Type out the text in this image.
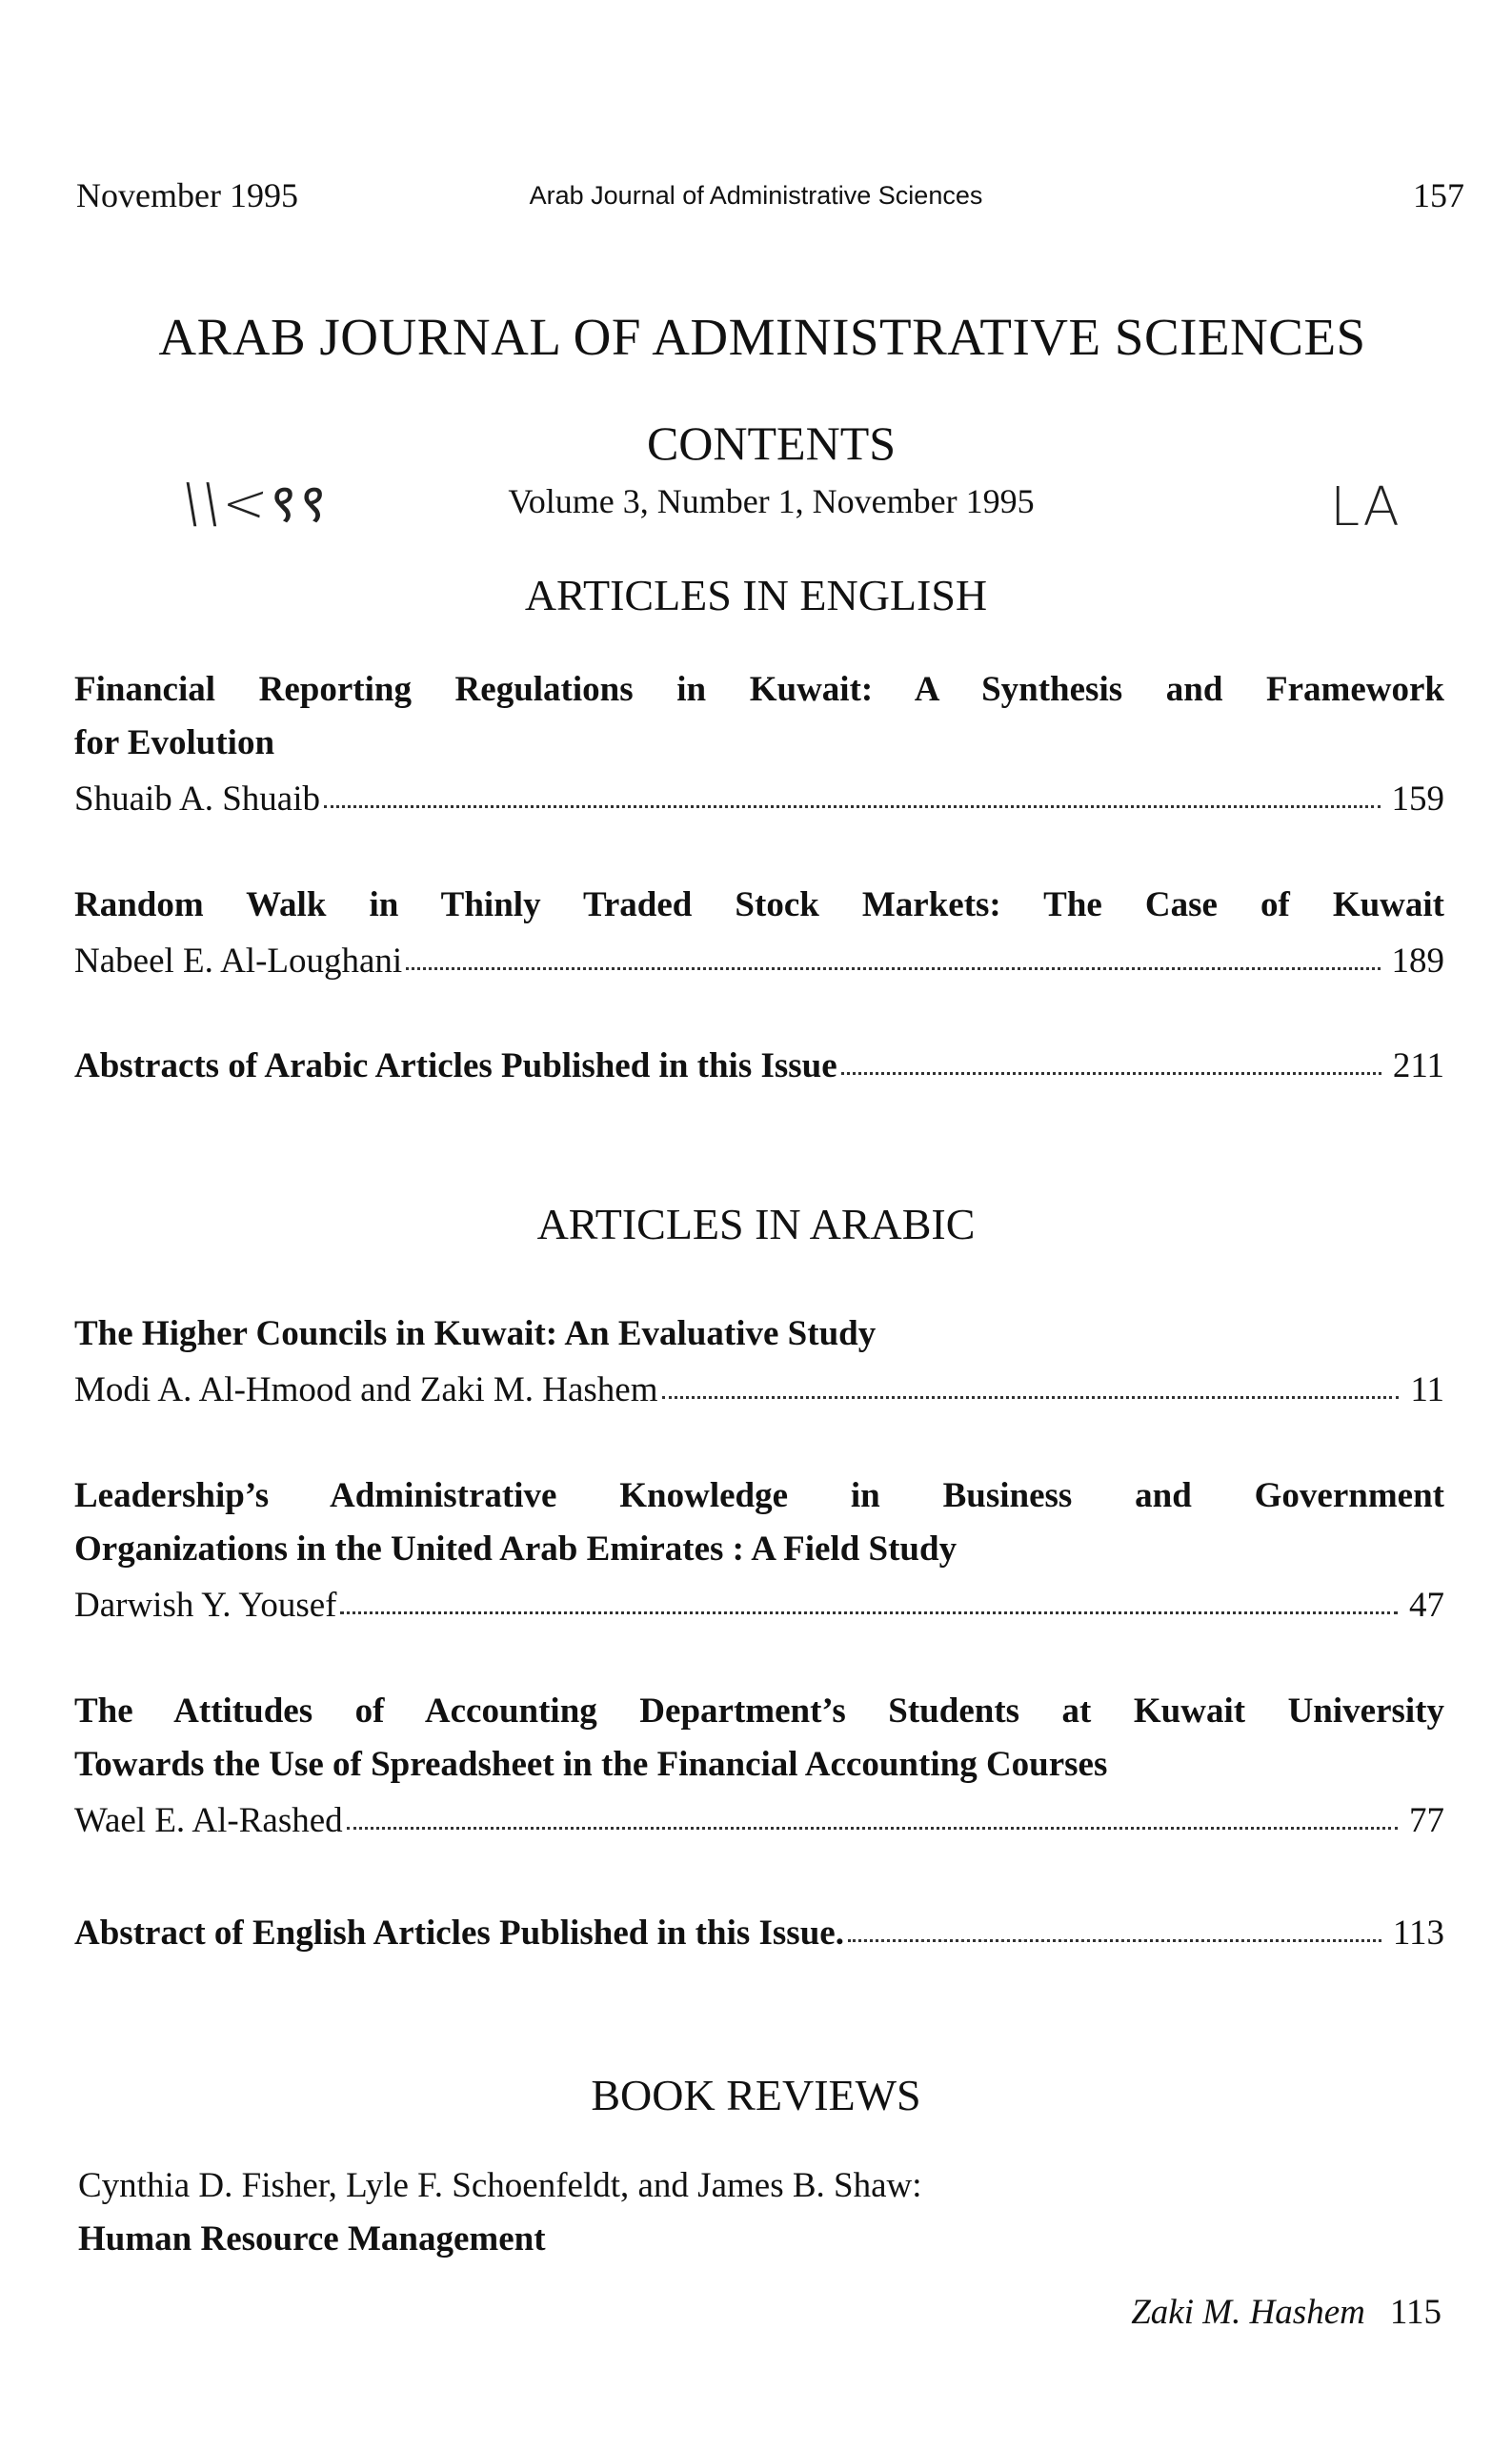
November 1995	Arab Journal of Administrative Sciences	157
ARAB JOURNAL OF ADMINISTRATIVE SCIENCES
CONTENTS
Volume 3, Number 1, November 1995
\\<९९	LA
ARTICLES IN ENGLISH
Financial Reporting Regulations in Kuwait: A Synthesis and Framework
for Evolution
Shuaib A. Shuaib	159
Random Walk in Thinly Traded Stock Markets: The Case of Kuwait
Nabeel E. Al-Loughani	189
Abstracts of Arabic Articles Published in this Issue	211
ARTICLES IN ARABIC
The Higher Councils in Kuwait: An Evaluative Study
Modi A. Al-Hmood and Zaki M. Hashem	11
Leadership’s Administrative Knowledge in Business and Government
Organizations in the United Arab Emirates : A Field Study
Darwish Y. Yousef	47
The Attitudes of Accounting Department’s Students at Kuwait University
Towards the Use of Spreadsheet in the Financial Accounting Courses
Wael E. Al-Rashed	77
Abstract of English Articles Published in this Issue.	113
BOOK REVIEWS
Cynthia D. Fisher, Lyle F. Schoenfeldt, and James B. Shaw:
Human Resource Management
Zaki M. Hashem 115
